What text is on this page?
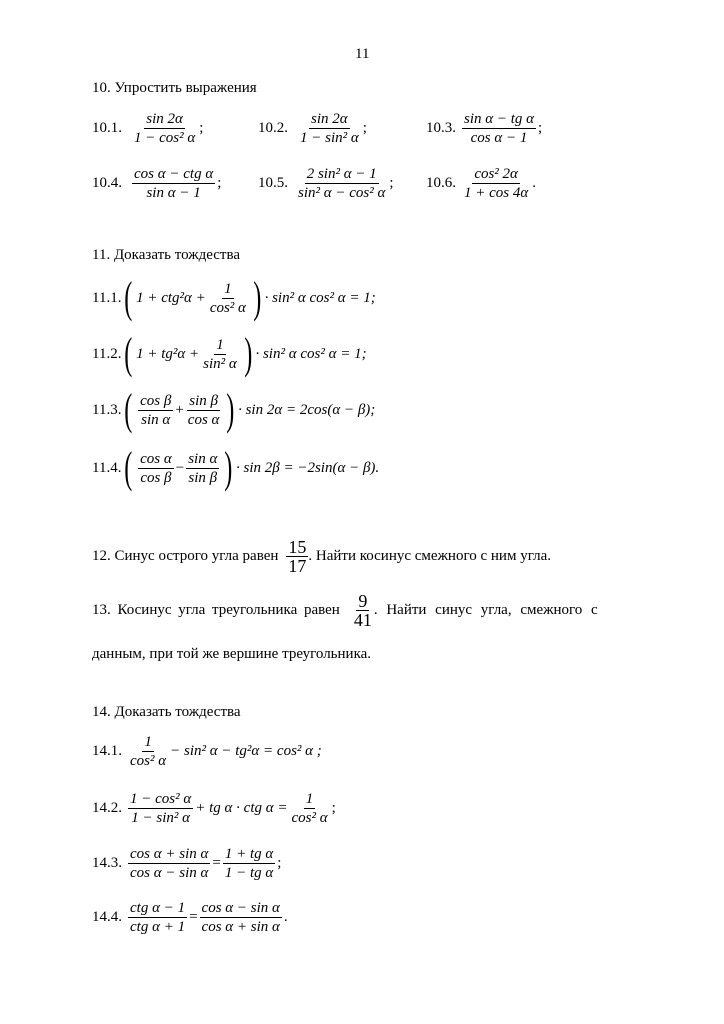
11
10. Упростить выражения
10.1. $\frac{\sin 2\alpha}{\text{1 − cos² α}}$ ;	10.2. $\frac{\sin 2\alpha}{\text{1 − sin² α}}$ ;	10.3. $\frac{\text{sin α − tg α}}{\text{cos α − 1}}$ ;
10.4. $\frac{\text{cos α − ctg α}}{\text{sin α − 1}}$ ; 10.5. $\frac{\text{2 sin² α − 1}}{\text{sin² α − cos² α}}$ ; 10.6. $\frac{\text{cos² 2α}}{1 + \cos 4\alpha}$ .
11. Доказать тождества
11.1. ( $1 + ctg^2\alpha + \frac{1}{\text{cos² α}}$ ) · sin² α cos² α = 1;
11.2. ( $1 + tg^2\alpha + \frac{1}{\text{sin² α}}$ ) · sin² α cos² α = 1;
11.3. ( $\frac{\text{cos β}}{\text{sin α}} + \frac{\text{sin β}}{\text{cos α}}$ ) · sin 2α = 2cos(α − β);
11.4. ( $\frac{\text{cos α}}{\text{cos β}} - \frac{\text{sin α}}{\text{sin β}}$ ) · sin 2β = −2sin(α − β).
12. Синус острого угла равен $\frac{15}{17}$ . Найти косинус смежного с ним угла.
13. Косинус угла треугольника равен $\frac{9}{41}$ . Найти синус угла, смежного с
данным, при той же вершине треугольника.
14. Доказать тождества
14.1. $\frac{1}{\text{cos² α}} - \sin^2$ α − tg²α = cos² α ;
14.2. $\frac{\text{1 − cos² α}}{\text{1 − sin² α}}$ + tg α · ctg $\alpha = \frac{1}{\text{cos² α}}$ ;
14.3. $\frac{\text{cos α + sin α}}{\text{cos α − sin α}} = \frac{\text{1 + tg α}}{\text{1 − tg α}}$ ;
14.4. $\frac{\text{ctg α − 1}}{\text{ctg α + 1}} = \frac{\text{cos α − sin α}}{\text{cos α + sin α}}$ .
